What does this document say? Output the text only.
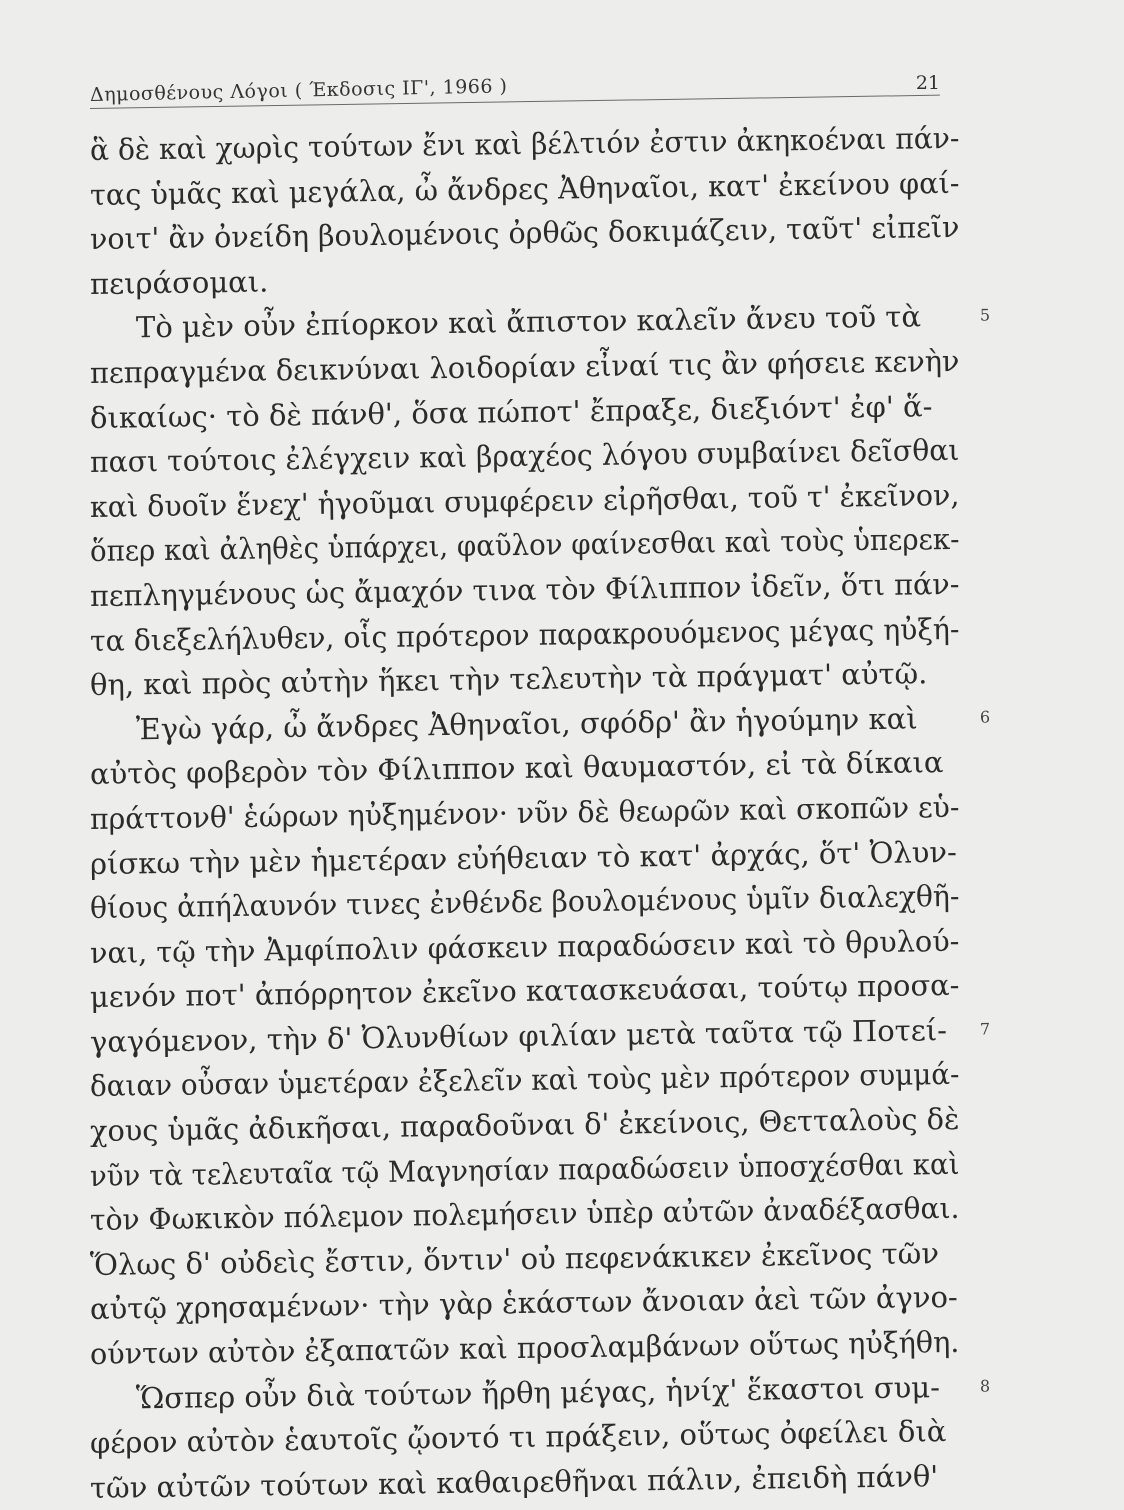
Δημοσθένους Λόγοι ( Έκδοσις ΙΓ', 1966 )	21
ἃ δὲ καὶ χωρὶς τούτων ἔνι καὶ βέλτιόν ἐστιν ἀκηκοέναι πάν-
τας ὑμᾶς καὶ μεγάλα, ὦ ἄνδρες Ἀθηναῖοι, κατ' ἐκείνου φαί-
νοιτ' ἂν ὀνείδη βουλομένοις ὀρθῶς δοκιμάζειν, ταῦτ' εἰπεῖν
πειράσομαι.
Τὸ μὲν οὖν ἐπίορκον καὶ ἄπιστον καλεῖν ἄνευ τοῦ τὰ	5
πεπραγμένα δεικνύναι λοιδορίαν εἶναί τις ἂν φήσειε κενὴν
δικαίως· τὸ δὲ πάνθ', ὅσα πώποτ' ἔπραξε, διεξιόντ' ἐφ' ἅ-
πασι τούτοις ἐλέγχειν καὶ βραχέος λόγου συμβαίνει δεῖσθαι
καὶ δυοῖν ἕνεχ' ἡγοῦμαι συμφέρειν εἰρῆσθαι, τοῦ τ' ἐκεῖνον,
ὅπερ καὶ ἀληθὲς ὑπάρχει, φαῦλον φαίνεσθαι καὶ τοὺς ὑπερεκ-
πεπληγμένους ὡς ἄμαχόν τινα τὸν Φίλιππον ἰδεῖν, ὅτι πάν-
τα διεξελήλυθεν, οἷς πρότερον παρακρουόμενος μέγας ηὐξή-
θη, καὶ πρὸς αὐτὴν ἥκει τὴν τελευτὴν τὰ πράγματ' αὐτῷ.
Ἐγὼ γάρ, ὦ ἄνδρες Ἀθηναῖοι, σφόδρ' ἂν ἡγούμην καὶ	6
αὐτὸς φοβερὸν τὸν Φίλιππον καὶ θαυμαστόν, εἰ τὰ δίκαια
πράττονθ' ἑώρων ηὐξημένον· νῦν δὲ θεωρῶν καὶ σκοπῶν εὑ-
ρίσκω τὴν μὲν ἡμετέραν εὐήθειαν τὸ κατ' ἀρχάς, ὅτ' Ὀλυν-
θίους ἀπήλαυνόν τινες ἐνθένδε βουλομένους ὑμῖν διαλεχθῆ-
ναι, τῷ τὴν Ἀμφίπολιν φάσκειν παραδώσειν καὶ τὸ θρυλού-
μενόν ποτ' ἀπόρρητον ἐκεῖνο κατασκευάσαι, τούτῳ προσα-
γαγόμενον, τὴν δ' Ὀλυνθίων φιλίαν μετὰ ταῦτα τῷ Ποτεί- 7
δαιαν οὖσαν ὑμετέραν ἐξελεῖν καὶ τοὺς μὲν πρότερον συμμά-
χους ὑμᾶς ἀδικῆσαι, παραδοῦναι δ' ἐκείνοις, Θετταλοὺς δὲ
νῦν τὰ τελευταῖα τῷ Μαγνησίαν παραδώσειν ὑποσχέσθαι καὶ
τὸν Φωκικὸν πόλεμον πολεμήσειν ὑπὲρ αὐτῶν ἀναδέξασθαι.
Ὅλως δ' οὐδεὶς ἔστιν, ὅντιν' οὐ πεφενάκικεν ἐκεῖνος τῶν
αὐτῷ χρησαμένων· τὴν γὰρ ἑκάστων ἄνοιαν ἀεὶ τῶν ἀγνο-
ούντων αὐτὸν ἐξαπατῶν καὶ προσλαμβάνων οὕτως ηὐξήθη.
Ὥσπερ οὖν διὰ τούτων ἤρθη μέγας, ἡνίχ' ἕκαστοι συμ- 8
φέρον αὐτὸν ἑαυτοῖς ᾤοντό τι πράξειν, οὕτως ὀφείλει διὰ
τῶν αὐτῶν τούτων καὶ καθαιρεθῆναι πάλιν, ἐπειδὴ πάνθ'
